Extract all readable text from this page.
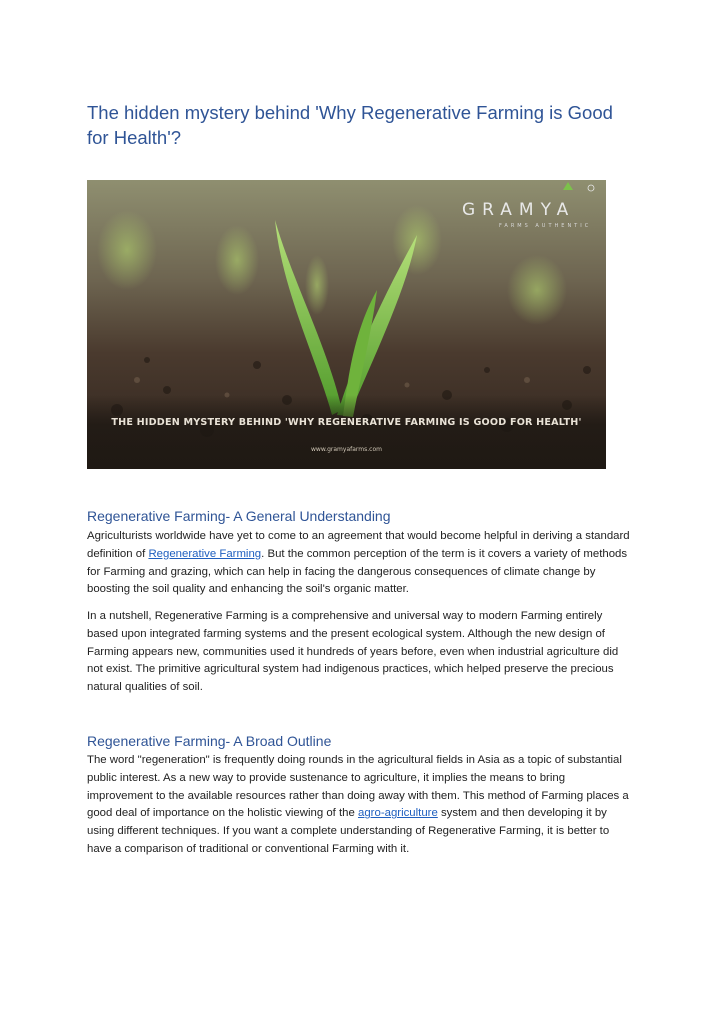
The hidden mystery behind 'Why Regenerative Farming is Good for Health'?
GRAMYA
FARMS AUTHENTIC
THE HIDDEN MYSTERY BEHIND 'WHY REGENERATIVE FARMING IS GOOD FOR HEALTH'
www.gramyafarms.com
Regenerative Farming- A General Understanding

Agriculturists worldwide have yet to come to an agreement that would become helpful in deriving a standard definition of Regenerative Farming. But the common perception of the term is it covers a variety of methods for Farming and grazing, which can help in facing the dangerous consequences of climate change by boosting the soil quality and enhancing the soil's organic matter.

In a nutshell, Regenerative Farming is a comprehensive and universal way to modern Farming entirely based upon integrated farming systems and the present ecological system. Although the new design of Farming appears new, communities used it hundreds of years before, even when industrial agriculture did not exist. The primitive agricultural system had indigenous practices, which helped preserve the precious natural qualities of soil.

Regenerative Farming- A Broad Outline

The word "regeneration" is frequently doing rounds in the agricultural fields in Asia as a topic of substantial public interest. As a new way to provide sustenance to agriculture, it implies the means to bring improvement to the available resources rather than doing away with them. This method of Farming places a good deal of importance on the holistic viewing of the agro-agriculture system and then developing it by using different techniques. If you want a complete understanding of Regenerative Farming, it is better to have a comparison of traditional or conventional Farming with it.
